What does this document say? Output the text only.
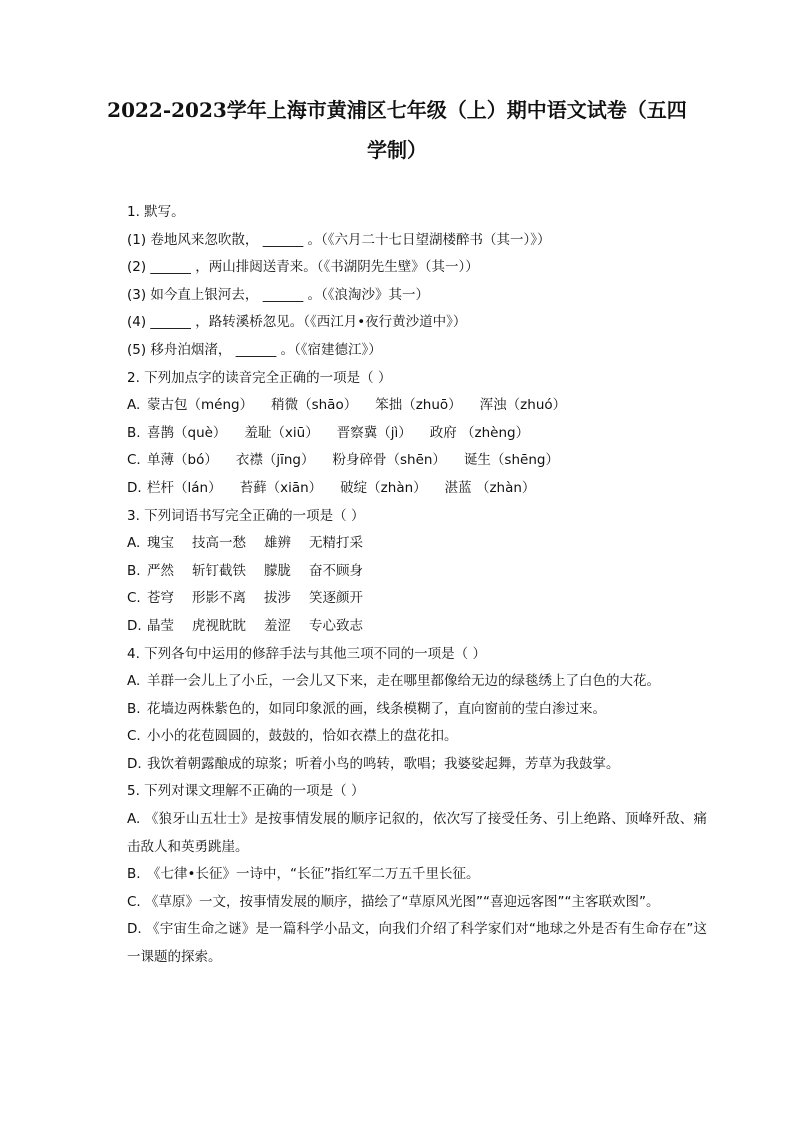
2022-2023学年上海市黄浦区七年级（上）期中语文试卷（五四
学制）
1. 默写。
(1) 卷地风来忽吹散， ______ 。（《六月二十七日望湖楼醉书（其一）》）
(2) ______ ，两山排闼送青来。（《书湖阴先生壁》（其一））
(3) 如今直上银河去， ______ 。（《浪淘沙》其一）
(4) ______ ，路转溪桥忽见。（《西江月•夜行黄沙道中》）
(5) 移舟泊烟渚， ______ 。（《宿建德江》）
2. 下列加点字的读音完全正确的一项是（ ）
A. 蒙古包（méng） 稍微（shāo） 笨拙（zhuō） 浑浊（zhuó）
B. 喜鹊（què） 羞耻（xiū） 晋察冀（jì） 政府 （zhèng）
C. 单薄（bó） 衣襟（jīng） 粉身碎骨（shēn） 诞生（shēng）
D. 栏杆（lán） 苔藓（xiān） 破绽（zhàn） 湛蓝 （zhàn）
3. 下列词语书写完全正确的一项是（ ）
A. 瑰宝 技高一愁 雄辨 无精打采
B. 严然 斩钉截铁 朦胧 奋不顾身
C. 苍穹 形影不离 拔涉 笑逐颜开
D. 晶莹 虎视眈眈 羞涩 专心致志
4. 下列各句中运用的修辞手法与其他三项不同的一项是（ ）
A. 羊群一会儿上了小丘，一会儿又下来，走在哪里都像给无边的绿毯绣上了白色的大花。
B. 花墙边两株紫色的，如同印象派的画，线条模糊了，直向窗前的莹白渗过来。
C. 小小的花苞圆圆的，鼓鼓的，恰如衣襟上的盘花扣。
D. 我饮着朝露酿成的琼浆；听着小鸟的鸣转，歌唱；我婆娑起舞，芳草为我鼓掌。
5. 下列对课文理解不正确的一项是（ ）
A. 《狼牙山五壮士》是按事情发展的顺序记叙的，依次写了接受任务、引上绝路、顶峰歼敌、痛击敌人和英勇跳崖。
B. 《七律•长征》一诗中，“长征”指红军二万五千里长征。
C. 《草原》一文，按事情发展的顺序，描绘了“草原风光图”“喜迎远客图”“主客联欢图”。
D. 《宇宙生命之谜》是一篇科学小品文，向我们介绍了科学家们对“地球之外是否有生命存在”这一课题的探索。
